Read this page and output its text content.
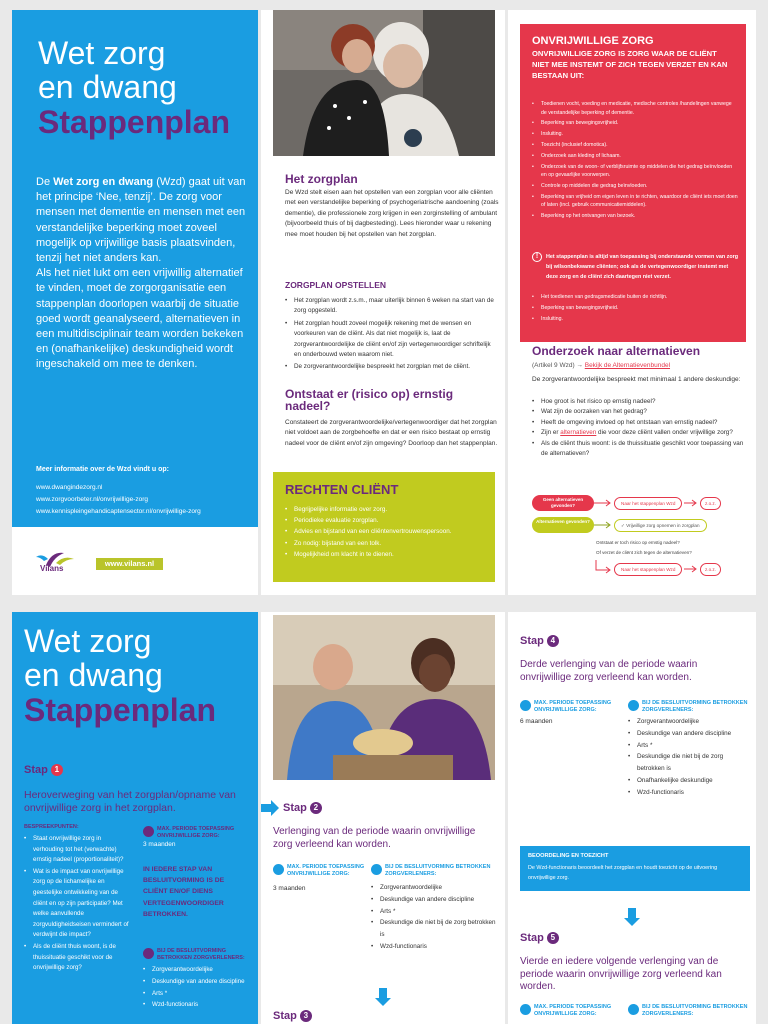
Wet zorg
en dwang
Stappenplan
De Wet zorg en dwang (Wzd) gaat uit van het principe ‘Nee, tenzij’. De zorg voor mensen met dementie en mensen met een verstandelijke beperking moet zoveel mogelijk op vrijwillige basis plaatsvinden, tenzij het niet anders kan.
Als het niet lukt om een vrijwillig alternatief te vinden, moet de zorgorganisatie een stappenplan doorlopen waarbij de situatie goed wordt geanalyseerd, alternatieven in een multidisciplinair team worden bekeken en (onafhankelijke) deskundigheid wordt ingeschakeld om mee te denken.
Meer informatie over de Wzd vindt u op:
www.dwangindezorg.nl
www.zorgvoorbeter.nl/onvrijwillige-zorg
www.kennispleingehandicaptensector.nl/onvrijwillige-zorg
Vilans
www.vilans.nl
Het zorgplan

De Wzd stelt eisen aan het opstellen van een zorgplan voor alle cliënten met een verstandelijke beperking of psychogeriatrische aandoening (zoals dementie), die professionele zorg krijgen in een zorginstelling of ambulant (bijvoorbeeld thuis of bij dagbesteding). Lees hieronder waar u rekening mee moet houden bij het opstellen van het zorgplan.

ZORGPLAN OPSTELLEN
• Het zorgplan wordt z.s.m., maar uiterlijk binnen 6 weken na start van de zorg opgesteld.
• Het zorgplan houdt zoveel mogelijk rekening met de wensen en voorkeuren van de cliënt. Als dat niet mogelijk is, laat de zorgverantwoordelijke de cliënt en/of zijn vertegenwoordiger schriftelijk en onderbouwd weten waarom niet.
• De zorgverantwoordelijke bespreekt het zorgplan met de cliënt.
Ontstaat er (risico op) ernstig nadeel?

Constateert de zorgverantwoordelijke/vertegenwoordiger dat het zorgplan niet voldoet aan de zorgbehoefte en dat er een risico bestaat op ernstig nadeel voor de cliënt en/of zijn omgeving? Doorloop dan het stappenplan.

RECHTEN CLIËNT
• Begrijpelijke informatie over zorg.
• Periodieke evaluatie zorgplan.
• Advies en bijstand van een cliëntenvertrouwenspersoon.
• Zo nodig: bijstand van een tolk.
• Mogelijkheid om klacht in te dienen.
ONVRIJWILLIGE ZORG
ONVRIJWILLIGE ZORG IS ZORG WAAR DE CLIËNT NIET MEE INSTEMT OF ZICH TEGEN VERZET EN KAN BESTAAN UIT:
• Toedienen vocht, voeding en medicatie, medische controles /handelingen vanwege de verstandelijke beperking of dementie.
• Beperking van bewegingsvrijheid.
• Insluiting.
• Toezicht (inclusief domotica).
• Onderzoek aan kleding of lichaam.
• Onderzoek van de woon- of verblijfsruimte op middelen die het gedrag beïnvloeden en op gevaarlijke voorwerpen.
• Controle op middelen die gedrag beïnvloeden.
• Beperking van vrijheid om eigen leven in te richten, waardoor de cliënt iets moet doen of laten (incl. gebruik communicatiemiddelen).
• Beperking op het ontvangen van bezoek.
!	Het stappenplan is altijd van toepassing bij onderstaande vormen van zorg bij wilsonbekwame cliënten; ook als de vertegenwoordiger instemt met deze zorg en de cliënt zich daartegen niet verzet.
• Het toedienen van gedragsmedicatie buiten de richtlijn.
• Beperking van bewegingsvrijheid.
• Insluiting.
Onderzoek naar alternatieven
(Artikel 9 Wzd) → Bekijk de Alternatievenbundel

De zorgverantwoordelijke bespreekt met minimaal 1 andere deskundige:

• Hoe groot is het risico op ernstig nadeel?
• Wat zijn de oorzaken van het gedrag?
• Heeft de omgeving invloed op het ontstaan van ernstig nadeel?
• Zijn er alternatieven die voor deze cliënt vallen onder vrijwillige zorg?
• Als de cliënt thuis woont: is de thuissituatie geschikt voor toepassing van de alternatieven?
Geen alternatieven gevonden?	Naar het stappenplan Wzd	z.o.z.
Alternatieven gevonden?
✓ Vrijwillige zorg opnemen in zorgplan
Ontstaat er toch risico op ernstig nadeel?
Of verzet de cliënt zich tegen de alternatieven?
Naar het stappenplan Wzd	z.o.z.
Wet zorg
en dwang
Stappenplan
Stap 1

Heroverweging van het zorgplan/opname van onvrijwillige zorg in het zorgplan.

BESPREEKPUNTEN:
• Staat onvrijwillige zorg in verhouding tot het (verwachte) ernstig nadeel (proportionaliteit)?
• Wat is de impact van onvrijwillige zorg op de lichamelijke en geestelijke ontwikkeling van de cliënt en op zijn participatie? Met welke aanvullende zorgvuldigheidseisen vermindert of verdwijnt die impact?
• Als de cliënt thuis woont, is de thuissituatie geschikt voor de onvrijwillige zorg?
MAX. PERIODE TOEPASSING ONVRIJWILLIGE ZORG:
3 maanden
IN IEDERE STAP VAN BESLUITVORMING IS DE CLIËNT EN/OF DIENS VERTEGENWOORDIGER BETROKKEN.
BIJ DE BESLUITVORMING BETROKKEN ZORGVERLENERS:
• Zorgverantwoordelijke
• Deskundige van andere discipline
• Arts *
• Wzd-functionaris
Stap 2

Verlenging van de periode waarin onvrijwillige zorg verleend kan worden.

MAX. PERIODE TOEPASSING ONVRIJWILLIGE ZORG:
3 maanden
BIJ DE BESLUITVORMING BETROKKEN ZORGVERLENERS:
• Zorgverantwoordelijke
• Deskundige van andere discipline
• Arts *
• Deskundige die niet bij de zorg betrokken is
• Wzd-functionaris
Stap 3
Stap 4

Derde verlenging van de periode waarin onvrijwillige zorg verleend kan worden.

MAX. PERIODE TOEPASSING ONVRIJWILLIGE ZORG:
6 maanden
BIJ DE BESLUITVORMING BETROKKEN ZORGVERLENERS:
• Zorgverantwoordelijke
• Deskundige van andere discipline
• Arts *
• Deskundige die niet bij de zorg betrokken is
• Onafhankelijke deskundige
• Wzd-functionaris
BEOORDELING EN TOEZICHT
De Wzd-functionaris beoordeelt het zorgplan en houdt toezicht op de uitvoering onvrijwillige zorg.
Stap 5

Vierde en iedere volgende verlenging van de periode waarin onvrijwillige zorg verleend kan worden.

MAX. PERIODE TOEPASSING ONVRIJWILLIGE ZORG:
BIJ DE BESLUITVORMING BETROKKEN ZORGVERLENERS:
